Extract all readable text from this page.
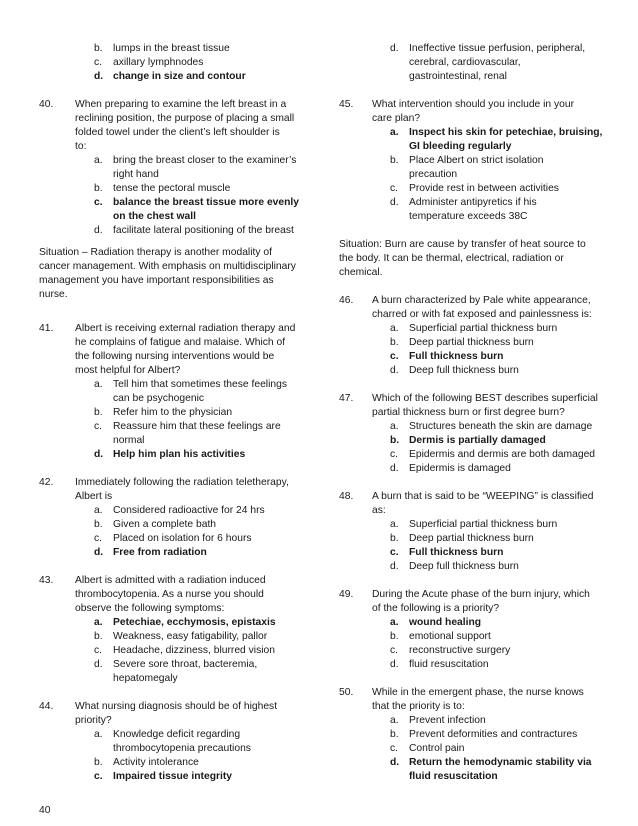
b. lumps in the breast tissue
c. axillary lymphnodes
d. change in size and contour
40. When preparing to examine the left breast in a
reclining position, the purpose of placing a small
folded towel under the client’s left shoulder is
to:
a. bring the breast closer to the examiner’s
right hand
b. tense the pectoral muscle
c. balance the breast tissue more evenly
on the chest wall
d. facilitate lateral positioning of the breast
Situation – Radiation therapy is another modality of
cancer management. With emphasis on multidisciplinary
management you have important responsibilities as
nurse.
41. Albert is receiving external radiation therapy and
he complains of fatigue and malaise. Which of
the following nursing interventions would be
most helpful for Albert?
a. Tell him that sometimes these feelings
can be psychogenic
b. Refer him to the physician
c. Reassure him that these feelings are
normal
d. Help him plan his activities
42. Immediately following the radiation teletherapy,
Albert is
a. Considered radioactive for 24 hrs
b. Given a complete bath
c. Placed on isolation for 6 hours
d. Free from radiation
43. Albert is admitted with a radiation induced
thrombocytopenia. As a nurse you should
observe the following symptoms:
a. Petechiae, ecchymosis, epistaxis
b. Weakness, easy fatigability, pallor
c. Headache, dizziness, blurred vision
d. Severe sore throat, bacteremia,
hepatomegaly
44. What nursing diagnosis should be of highest
priority?
a. Knowledge deficit regarding
thrombocytopenia precautions
b. Activity intolerance
c. Impaired tissue integrity
d. Ineffective tissue perfusion, peripheral,
cerebral, cardiovascular,
gastrointestinal, renal
45. What intervention should you include in your
care plan?
a. Inspect his skin for petechiae, bruising,
GI bleeding regularly
b. Place Albert on strict isolation
precaution
c. Provide rest in between activities
d. Administer antipyretics if his
temperature exceeds 38C
Situation: Burn are cause by transfer of heat source to
the body. It can be thermal, electrical, radiation or
chemical.
46. A burn characterized by Pale white appearance,
charred or with fat exposed and painlessness is:
a. Superficial partial thickness burn
b. Deep partial thickness burn
c. Full thickness burn
d. Deep full thickness burn
47. Which of the following BEST describes superficial
partial thickness burn or first degree burn?
a. Structures beneath the skin are damage
b. Dermis is partially damaged
c. Epidermis and dermis are both damaged
d. Epidermis is damaged
48. A burn that is said to be “WEEPING” is classified
as:
a. Superficial partial thickness burn
b. Deep partial thickness burn
c. Full thickness burn
d. Deep full thickness burn
49. During the Acute phase of the burn injury, which
of the following is a priority?
a. wound healing
b. emotional support
c. reconstructive surgery
d. fluid resuscitation
50. While in the emergent phase, the nurse knows
that the priority is to:
a. Prevent infection
b. Prevent deformities and contractures
c. Control pain
d. Return the hemodynamic stability via
fluid resuscitation
40
